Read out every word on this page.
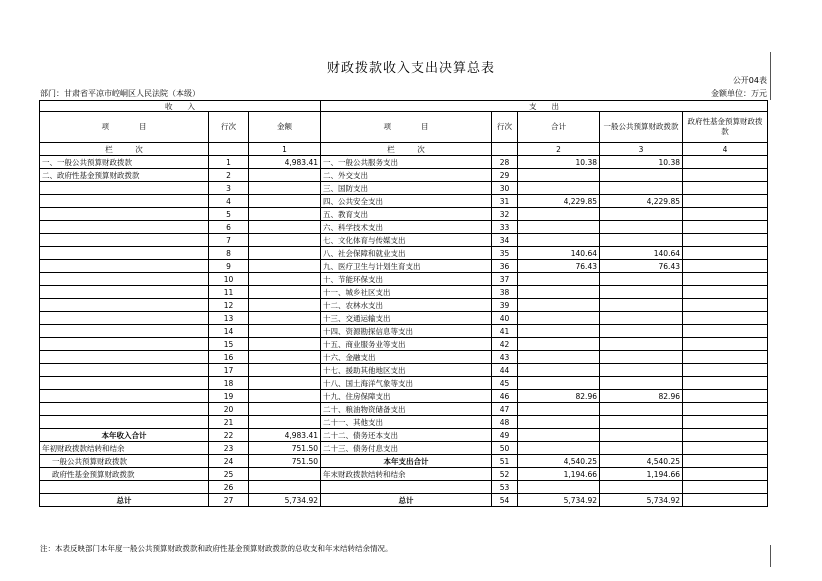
财政拨款收入支出决算总表
公开04表
部门：甘肃省平凉市崆峒区人民法院（本级）	金额单位：万元
收　　入			支　　出				
项　　　　目	行次	金额	项　　　　目	行次	合计	一般公共预算财政拨款	政府性基金预算财政拨款
栏　　　次		1	栏　　　次		2	3	4
一、一般公共预算财政拨款	1	4,983.41	一、一般公共服务支出	28	10.38	10.38	
二、政府性基金预算财政拨款	2		二、外交支出	29			
	3		三、国防支出	30			
	4		四、公共安全支出	31	4,229.85	4,229.85	
	5		五、教育支出	32			
	6		六、科学技术支出	33			
	7		七、文化体育与传媒支出	34			
	8		八、社会保障和就业支出	35	140.64	140.64	
	9		九、医疗卫生与计划生育支出	36	76.43	76.43	
	10		十、节能环保支出	37			
	11		十一、城乡社区支出	38			
	12		十二、农林水支出	39			
	13		十三、交通运输支出	40			
	14		十四、资源勘探信息等支出	41			
	15		十五、商业服务业等支出	42			
	16		十六、金融支出	43			
	17		十七、援助其他地区支出	44			
	18		十八、国土海洋气象等支出	45			
	19		十九、住房保障支出	46	82.96	82.96	
	20		二十、粮油物资储备支出	47			
	21		二十一、其他支出	48			
本年收入合计	22	4,983.41	二十二、债务还本支出	49			
年初财政拨款结转和结余	23	751.50	二十三、债务付息支出	50			
一般公共预算财政拨款	24	751.50	本年支出合计	51	4,540.25	4,540.25	
政府性基金预算财政拨款	25		年末财政拨款结转和结余	52	1,194.66	1,194.66	
	26			53			
总计	27	5,734.92	总计	54	5,734.92	5,734.92	
注：本表反映部门本年度一般公共预算财政拨款和政府性基金预算财政拨款的总收支和年末结转结余情况。
